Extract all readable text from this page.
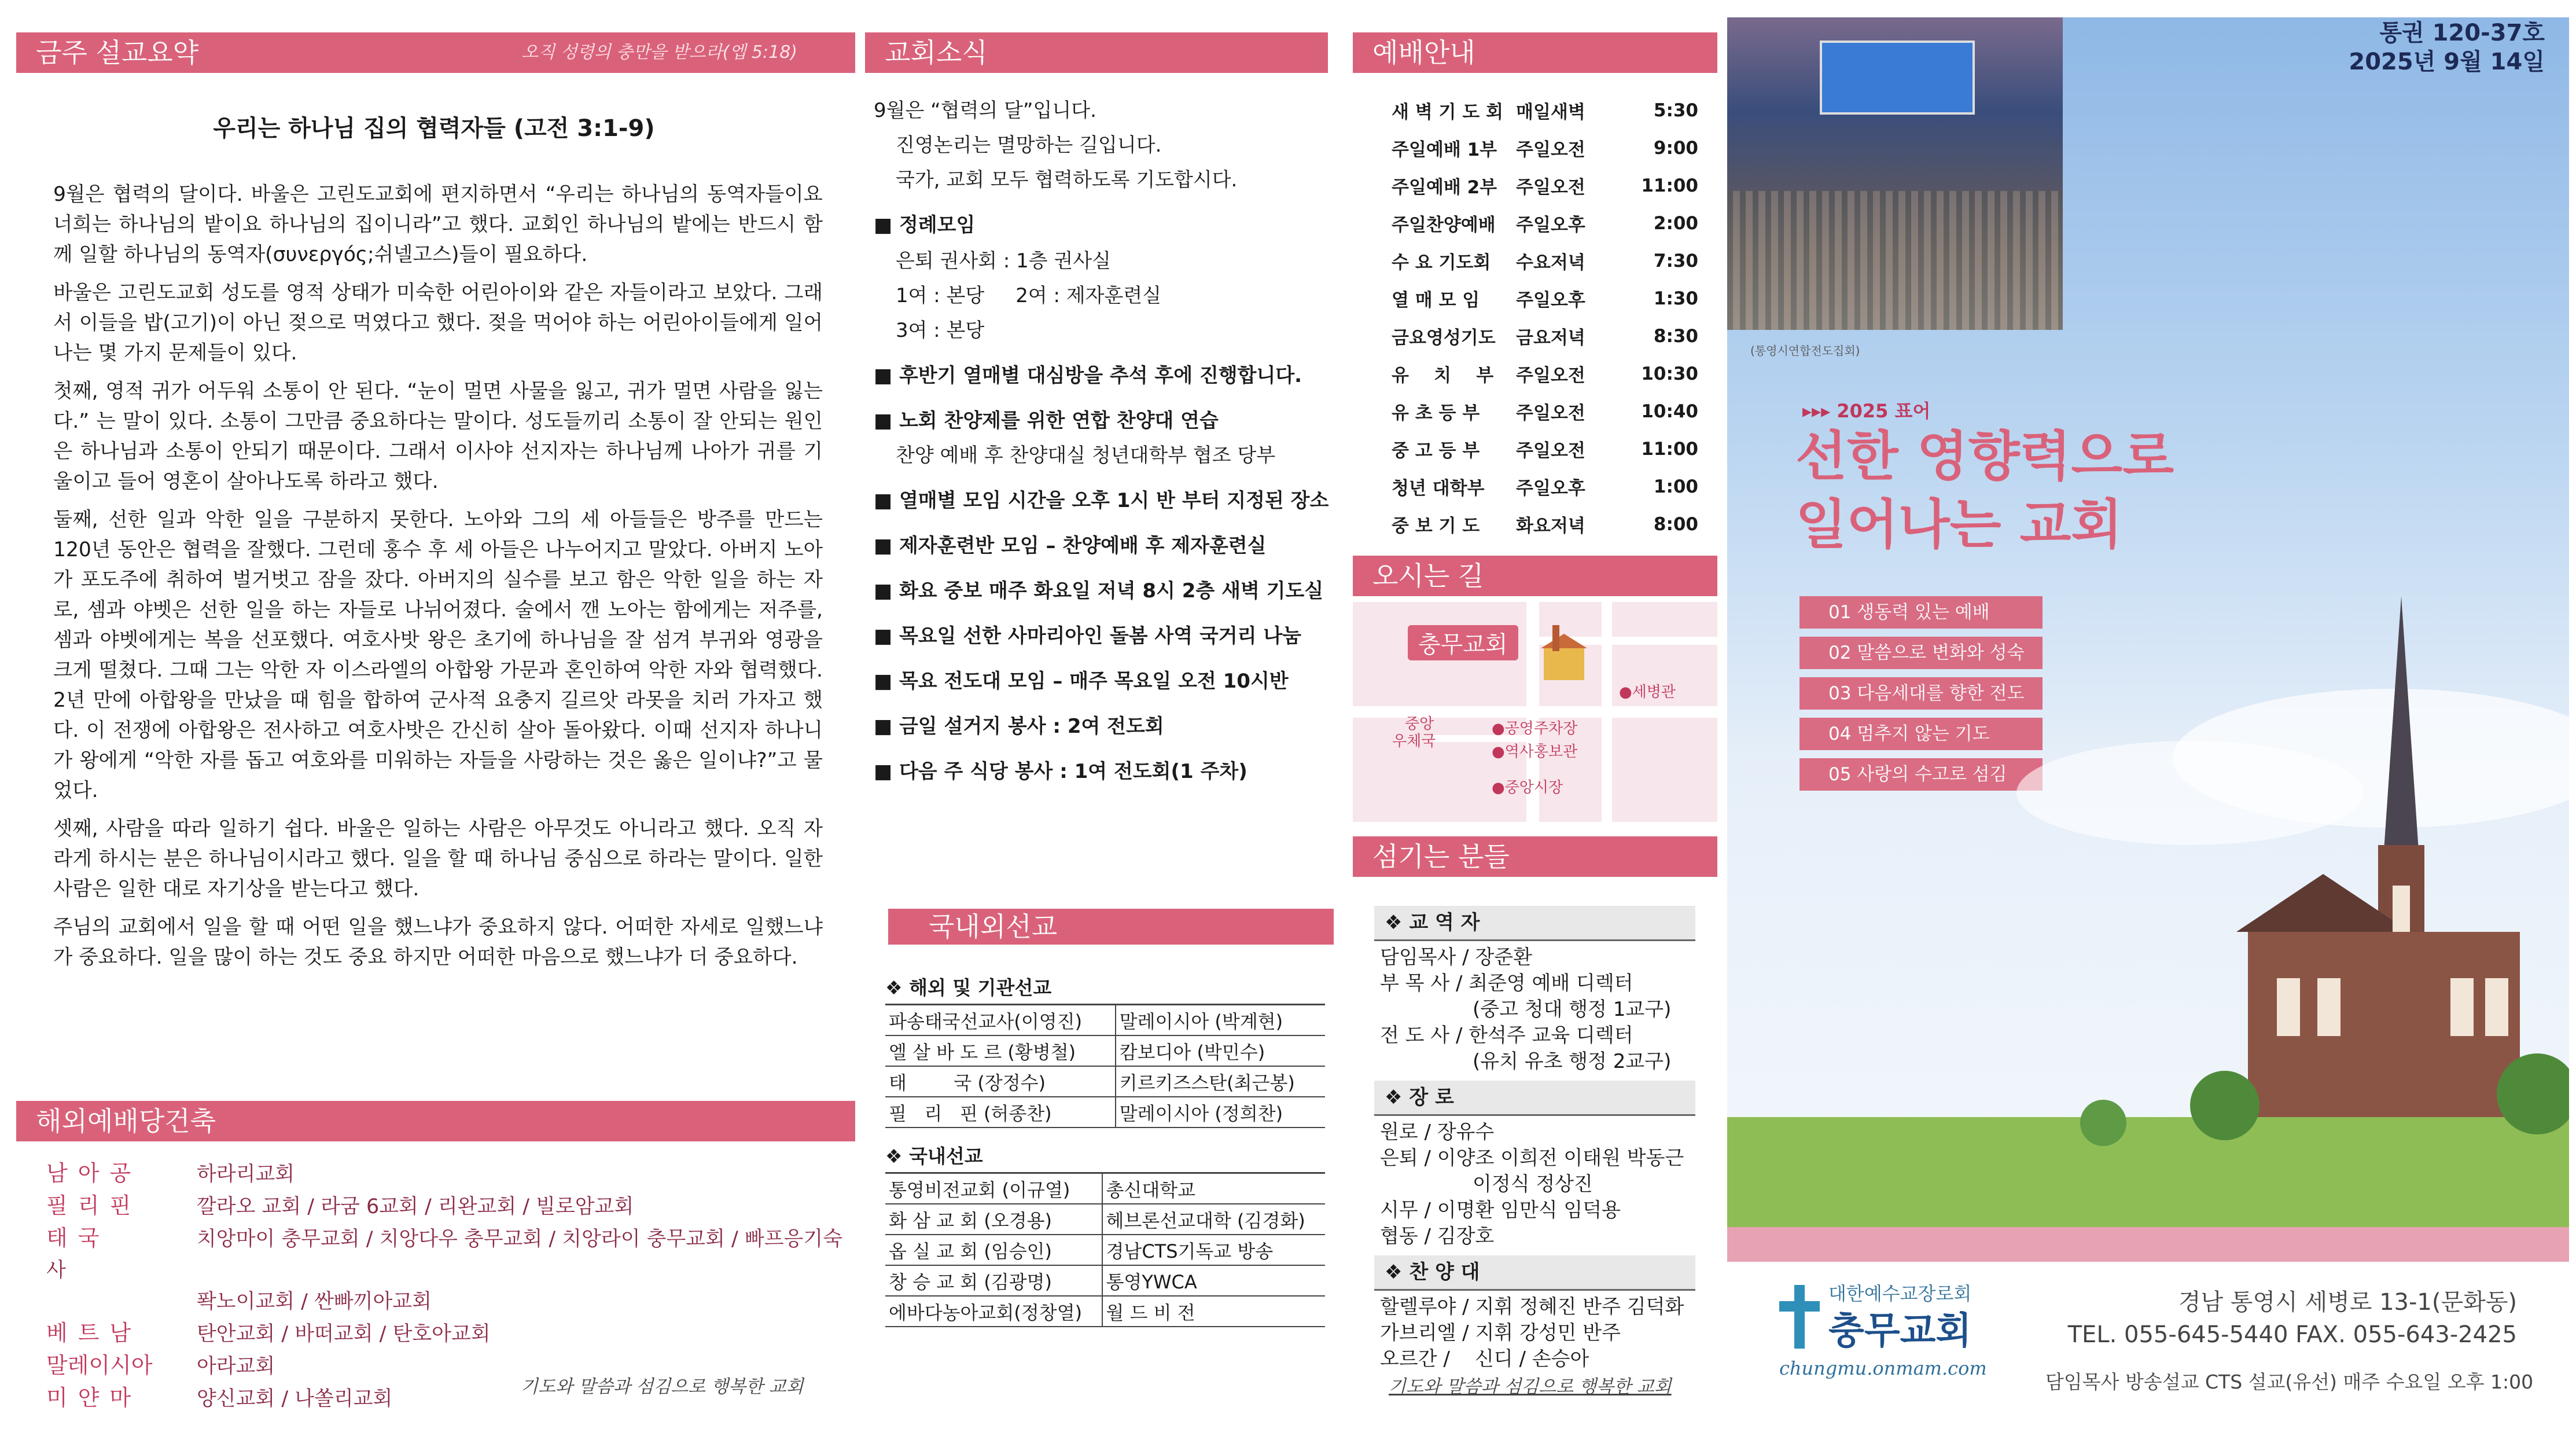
금주 설교요약	오직 성령의 충만을 받으라(엡 5:18)
우리는 하나님 집의 협력자들 (고전 3:1-9)

9월은 협력의 달이다. 바울은 고린도교회에 편지하면서 “우리는 하나님의 동역자들이요 너희는 하나님의 밭이요 하나님의 집이니라”고 했다. 교회인 하나님의 밭에는 반드시 함께 일할 하나님의 동역자(συνεργός;쉬넬고스)들이 필요하다.

바울은 고린도교회 성도를 영적 상태가 미숙한 어린아이와 같은 자들이라고 보았다. 그래서 이들을 밥(고기)이 아닌 젖으로 먹였다고 했다. 젖을 먹어야 하는 어린아이들에게 일어나는 몇 가지 문제들이 있다.

첫째, 영적 귀가 어두워 소통이 안 된다. “눈이 멀면 사물을 잃고, 귀가 멀면 사람을 잃는다.” 는 말이 있다. 소통이 그만큼 중요하다는 말이다. 성도들끼리 소통이 잘 안되는 원인은 하나님과 소통이 안되기 때문이다. 그래서 이사야 선지자는 하나님께 나아가 귀를 기울이고 들어 영혼이 살아나도록 하라고 했다.

둘째, 선한 일과 악한 일을 구분하지 못한다. 노아와 그의 세 아들들은 방주를 만드는 120년 동안은 협력을 잘했다. 그런데 홍수 후 세 아들은 나누어지고 말았다. 아버지 노아가 포도주에 취하여 벌거벗고 잠을 잤다. 아버지의 실수를 보고 함은 악한 일을 하는 자로, 셈과 야벳은 선한 일을 하는 자들로 나뉘어졌다. 술에서 깬 노아는 함에게는 저주를, 셈과 야벳에게는 복을 선포했다. 여호사밧 왕은 초기에 하나님을 잘 섬겨 부귀와 영광을 크게 떨쳤다. 그때 그는 악한 자 이스라엘의 아합왕 가문과 혼인하여 악한 자와 협력했다. 2년 만에 아합왕을 만났을 때 힘을 합하여 군사적 요충지 길르앗 라못을 치러 가자고 했다. 이 전쟁에 아합왕은 전사하고 여호사밧은 간신히 살아 돌아왔다. 이때 선지자 하나니가 왕에게 “악한 자를 돕고 여호와를 미워하는 자들을 사랑하는 것은 옳은 일이냐?”고 물었다.

셋째, 사람을 따라 일하기 쉽다. 바울은 일하는 사람은 아무것도 아니라고 했다. 오직 자라게 하시는 분은 하나님이시라고 했다. 일을 할 때 하나님 중심으로 하라는 말이다. 일한 사람은 일한 대로 자기상을 받는다고 했다.

주님의 교회에서 일을 할 때 어떤 일을 했느냐가 중요하지 않다. 어떠한 자세로 일했느냐가 중요하다. 일을 많이 하는 것도 중요 하지만 어떠한 마음으로 했느냐가 더 중요하다.

해외예배당건축
남아공	하라리교회
필리핀	깔라오 교회 / 라굼 6교회 / 리완교회 / 빌로암교회
태국	치앙마이 충무교회 / 치앙다우 충무교회 / 치앙라이 충무교회 / 빠프응기숙사
퐉노이교회 / 싼빠끼아교회
베트남	탄안교회 / 바떠교회 / 탄호아교회
말레이시아 아라교회
미얀마	양신교회 / 나쏠리교회
기도와 말씀과 섬김으로 행복한 교회
교회소식
9월은 “협력의 달”입니다.
진영논리는 멸망하는 길입니다.
국가, 교회 모두 협력하도록 기도합시다.
■ 정례모임
은퇴 권사회 : 1층 권사실
1여 : 본당     2여 : 제자훈련실
3여 : 본당
■ 후반기 열매별 대심방을 추석 후에 진행합니다.
■ 노회 찬양제를 위한 연합 찬양대 연습
찬양 예배 후 찬양대실 청년대학부 협조 당부
■ 열매별 모임 시간을 오후 1시 반 부터 지정된 장소
■ 제자훈련반 모임 – 찬양예배 후 제자훈련실
■ 화요 중보 매주 화요일 저녁 8시 2층 새벽 기도실
■ 목요일 선한 사마리아인 돌봄 사역 국거리 나눔
■ 목요 전도대 모임 – 매주 목요일 오전 10시반
■ 금일 설거지 봉사 : 2여 전도회
■ 다음 주 식당 봉사 : 1여 전도회(1 주차)
국내외선교
❖ 해외 및 기관선교
파송태국선교사(이영진)	말레이시아 (박계현)
엘 살 바 도 르 (황병철)	캄보디아 (박민수)
태        국 (장정수)	키르키즈스탄(최근봉)
필   리   핀 (허종찬)	말레이시아 (정희찬)
❖ 국내선교
통영비전교회 (이규열)	총신대학교
화 삼 교 회 (오경용)	헤브론선교대학 (김경화)
옵 실 교 회 (임승인)	경남CTS기독교 방송
창 승 교 회 (김광명)	통영YWCA
에바다농아교회(정창열)	월 드 비 전
예배안내
새 벽 기 도 회	매일새벽	5:30
주일예배 1부	주일오전	9:00
주일예배 2부	주일오전	11:00
주일찬양예배	주일오후	2:00
수 요 기도회	수요저녁	7:30
열 매 모 임	주일오후	1:30
금요영성기도	금요저녁	8:30
유    치    부	주일오전	10:30
유 초 등 부	주일오전	10:40
중 고 등 부	주일오전	11:00
청년 대학부	주일오후	1:00
중 보 기 도	화요저녁	8:00
오시는 길
충무교회
●세병관
●공영주차장
●역사홍보관
●중앙시장
중앙
우체국
섬기는 분들
❖ 교 역 자

담임목사 / 장준환

부 목 사 / 최준영 예배 디렉터

(중고 청대 행정 1교구)

전 도 사 / 한석주 교육 디렉터

(유치 유초 행정 2교구)

❖ 장 로

원로 / 장유수

은퇴 / 이양조 이희전 이태원 박동근

이정식 정상진

시무 / 이명환 임만식 임덕용

협동 / 김장호

❖ 찬 양 대

할렐루야 / 지휘 정혜진 반주 김덕화

가브리엘 / 지휘 강성민 반주

오르간 /    신디 / 손승아

기도와 말씀과 섬김으로 행복한 교회
(통영시연합전도집회)
통권 120-37호
2025년 9월 14일
▸▸▸ 2025 표어
선한 영향력으로
일어나는 교회
01 생동력 있는 예배
02 말씀으로 변화와 성숙
03 다음세대를 향한 전도
04 멈추지 않는 기도
05 사랑의 수고로 섬김
대한예수교장로회
충무교회
chungmu.onmam.com
경남 통영시 세병로 13-1(문화동)
TEL. 055-645-5440 FAX. 055-643-2425
담임목사 방송설교 CTS 설교(유선) 매주 수요일 오후 1:00
